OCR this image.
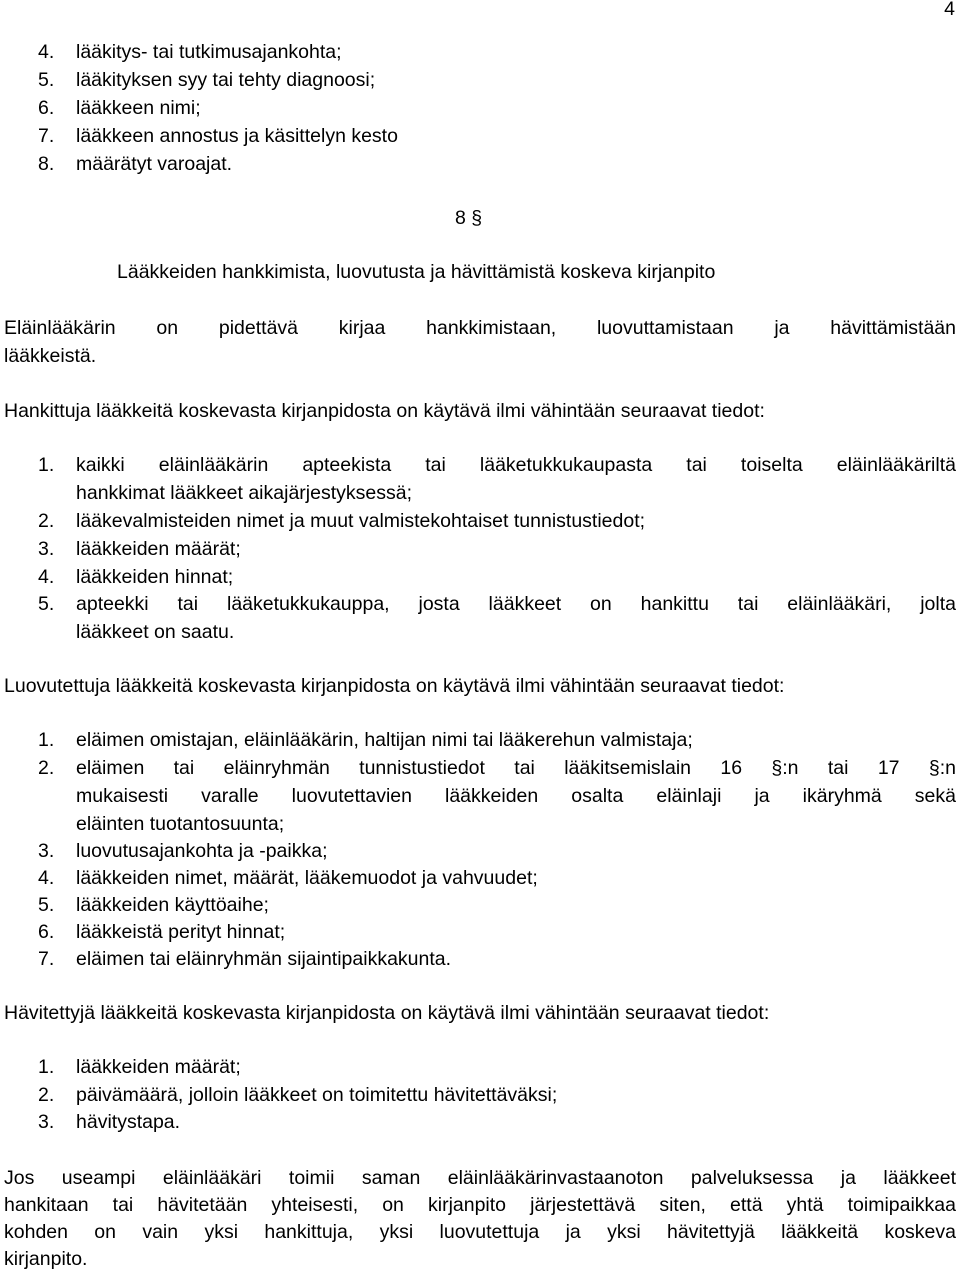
4
4.	lääkitys- tai tutkimusajankohta;
5.	lääkityksen syy tai tehty diagnoosi;
6.	lääkkeen nimi;
7.	lääkkeen annostus ja käsittelyn kesto
8.	määrätyt varoajat.
8 §
Lääkkeiden hankkimista, luovutusta ja hävittämistä koskeva kirjanpito
Eläinlääkärin on pidettävä kirjaa hankkimistaan, luovuttamistaan ja hävittämistään
lääkkeistä.
Hankittuja lääkkeitä koskevasta kirjanpidosta on käytävä ilmi vähintään seuraavat tiedot:
1.	kaikki eläinlääkärin apteekista tai lääketukkukaupasta tai toiselta eläinlääkäriltä
hankkimat lääkkeet aikajärjestyksessä;
2.	lääkevalmisteiden nimet ja muut valmistekohtaiset tunnistustiedot;
3.	lääkkeiden määrät;
4.	lääkkeiden hinnat;
5.	apteekki tai lääketukkukauppa, josta lääkkeet on hankittu tai eläinlääkäri, jolta
lääkkeet on saatu.
Luovutettuja lääkkeitä koskevasta kirjanpidosta on käytävä ilmi vähintään seuraavat tiedot:
1.	eläimen omistajan, eläinlääkärin, haltijan nimi tai lääkerehun valmistaja;
2.	eläimen tai eläinryhmän tunnistustiedot tai lääkitsemislain 16 §:n tai 17 §:n
mukaisesti varalle luovutettavien lääkkeiden osalta eläinlaji ja ikäryhmä sekä
eläinten tuotantosuunta;
3.	luovutusajankohta ja -paikka;
4.	lääkkeiden nimet, määrät, lääkemuodot ja vahvuudet;
5.	lääkkeiden käyttöaihe;
6.	lääkkeistä perityt hinnat;
7.	eläimen tai eläinryhmän sijaintipaikkakunta.
Hävitettyjä lääkkeitä koskevasta kirjanpidosta on käytävä ilmi vähintään seuraavat tiedot:
1.	lääkkeiden määrät;
2.	päivämäärä, jolloin lääkkeet on toimitettu hävitettäväksi;
3.	hävitystapa.
Jos useampi eläinlääkäri toimii saman eläinlääkärinvastaanoton palveluksessa ja lääkkeet
hankitaan tai hävitetään yhteisesti, on kirjanpito järjestettävä siten, että yhtä toimipaikkaa
kohden on vain yksi hankittuja, yksi luovutettuja ja yksi hävitettyjä lääkkeitä koskeva
kirjanpito.
